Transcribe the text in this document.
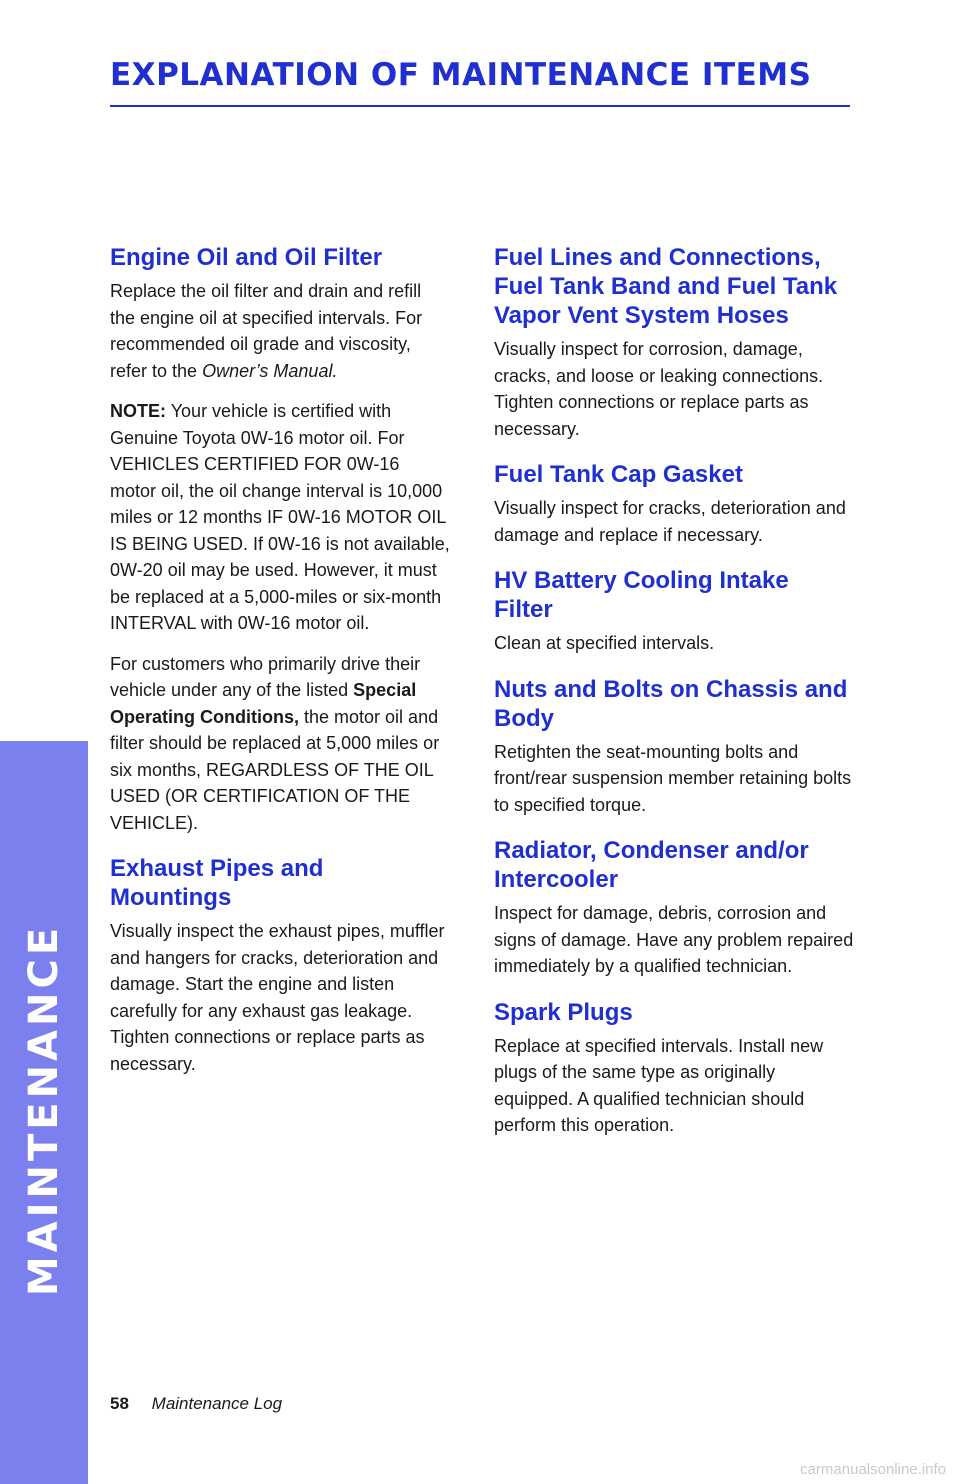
MAINTENANCE
EXPLANATION OF MAINTENANCE ITEMS
Engine Oil and Oil Filter

Replace the oil filter and drain and refill the engine oil at specified intervals. For recommended oil grade and viscosity, refer to the Owner’s Manual.

NOTE: Your vehicle is certified with Genuine Toyota 0W-16 motor oil. For VEHICLES CERTIFIED FOR 0W-16 motor oil, the oil change interval is 10,000 miles or 12 months IF 0W-16 MOTOR OIL IS BEING USED. If 0W-16 is not available, 0W-20 oil may be used. However, it must be replaced at a 5,000-miles or six-month INTERVAL with 0W-16 motor oil.

For customers who primarily drive their vehicle under any of the listed Special Operating Conditions, the motor oil and filter should be replaced at 5,000 miles or six months, REGARDLESS OF THE OIL USED (OR CERTIFICATION OF THE VEHICLE).

Exhaust Pipes and Mountings

Visually inspect the exhaust pipes, muffler and hangers for cracks, deterioration and damage. Start the engine and listen carefully for any exhaust gas leakage. Tighten connections or replace parts as necessary.

Fuel Lines and Connections, Fuel Tank Band and Fuel Tank Vapor Vent System Hoses

Visually inspect for corrosion, damage, cracks, and loose or leaking connections. Tighten connections or replace parts as necessary.

Fuel Tank Cap Gasket

Visually inspect for cracks, deterioration and damage and replace if necessary.

HV Battery Cooling Intake Filter

Clean at specified intervals.

Nuts and Bolts on Chassis and Body

Retighten the seat-mounting bolts and front/rear suspension member retaining bolts to specified torque.

Radiator, Condenser and/or Intercooler

Inspect for damage, debris, corrosion and signs of damage. Have any problem repaired immediately by a qualified technician.

Spark Plugs

Replace at specified intervals. Install new plugs of the same type as originally equipped. A qualified technician should perform this operation.

58 Maintenance Log
carmanualsonline.info
